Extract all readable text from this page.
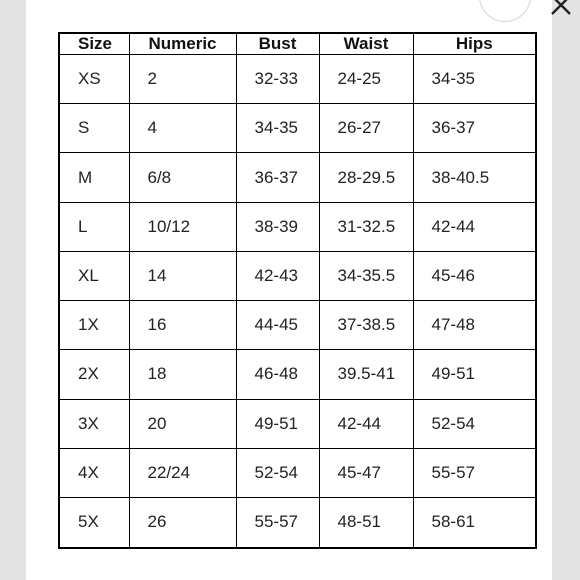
Size	Numeric	Bust	Waist	Hips
XS	2	32-33	24-25	34-35
S	4	34-35	26-27	36-37
M	6/8	36-37	28-29.5	38-40.5
L	10/12	38-39	31-32.5	42-44
XL	14	42-43	34-35.5	45-46
1X	16	44-45	37-38.5	47-48
2X	18	46-48	39.5-41	49-51
3X	20	49-51	42-44	52-54
4X	22/24	52-54	45-47	55-57
5X	26	55-57	48-51	58-61
